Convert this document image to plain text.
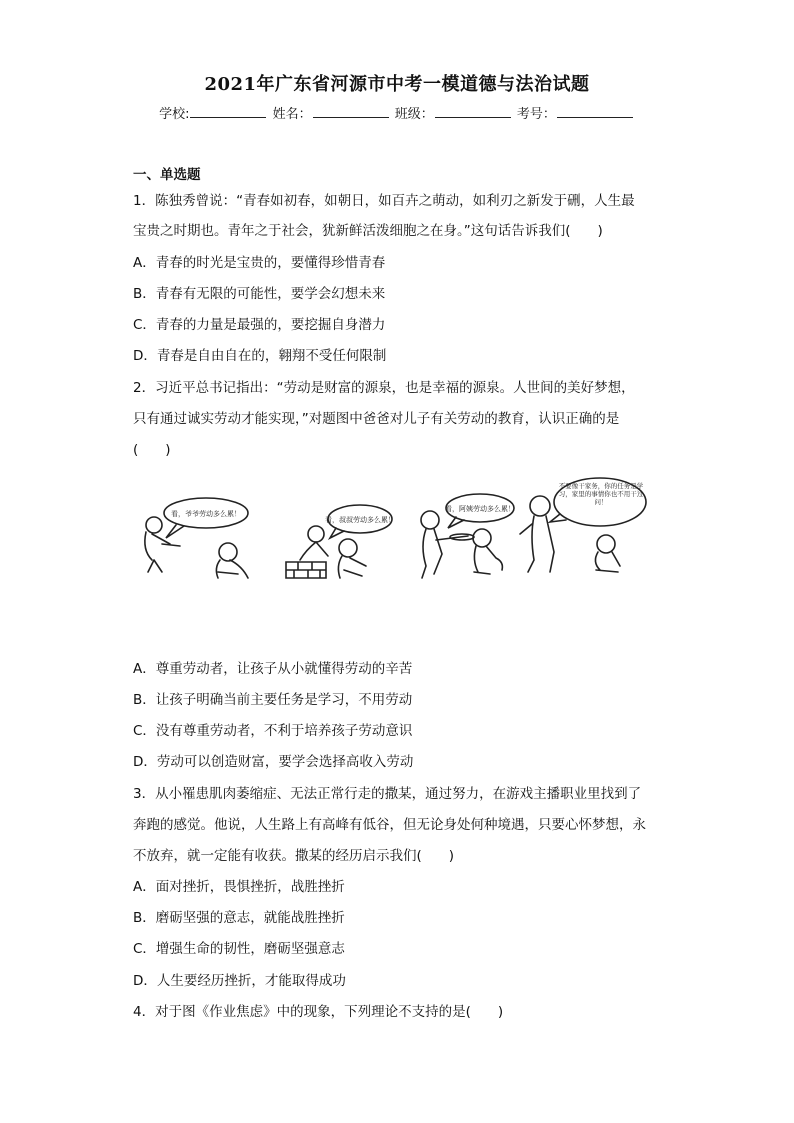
2021年广东省河源市中考一模道德与法治试题
学校:	姓名：	班级：	考号：
一、单选题
1．陈独秀曾说：“青春如初春，如朝日，如百卉之萌动，如利刃之新发于硎，人生最
宝贵之时期也。青年之于社会，犹新鲜活泼细胞之在身。”这句话告诉我们(　　)
A．青春的时光是宝贵的，要懂得珍惜青春
B．青春有无限的可能性，要学会幻想未来
C．青春的力量是最强的，要挖掘自身潜力
D．青春是自由自在的，翱翔不受任何限制
2．习近平总书记指出：“劳动是财富的源泉，也是幸福的源泉。人世间的美好梦想，
只有通过诚实劳动才能实现，”对题图中爸爸对儿子有关劳动的教育，认识正确的是
(　　)
看，爷爷劳动多么累！
看，叔叔劳动多么累！
看，阿姨劳动多么累！
不要像干家务，你的任务是学习，家里的事情你也不用干过问！
A．尊重劳动者，让孩子从小就懂得劳动的辛苦
B．让孩子明确当前主要任务是学习，不用劳动
C．没有尊重劳动者，不利于培养孩子劳动意识
D．劳动可以创造财富，要学会选择高收入劳动
3．从小罹患肌肉萎缩症、无法正常行走的撒某，通过努力，在游戏主播职业里找到了
奔跑的感觉。他说，人生路上有高峰有低谷，但无论身处何种境遇，只要心怀梦想，永
不放弃，就一定能有收获。撒某的经历启示我们(　　)
A．面对挫折，畏惧挫折，战胜挫折
B．磨砺坚强的意志，就能战胜挫折
C．增强生命的韧性，磨砺坚强意志
D．人生要经历挫折，才能取得成功
4．对于图《作业焦虑》中的现象，下列理论不支持的是(　　)
